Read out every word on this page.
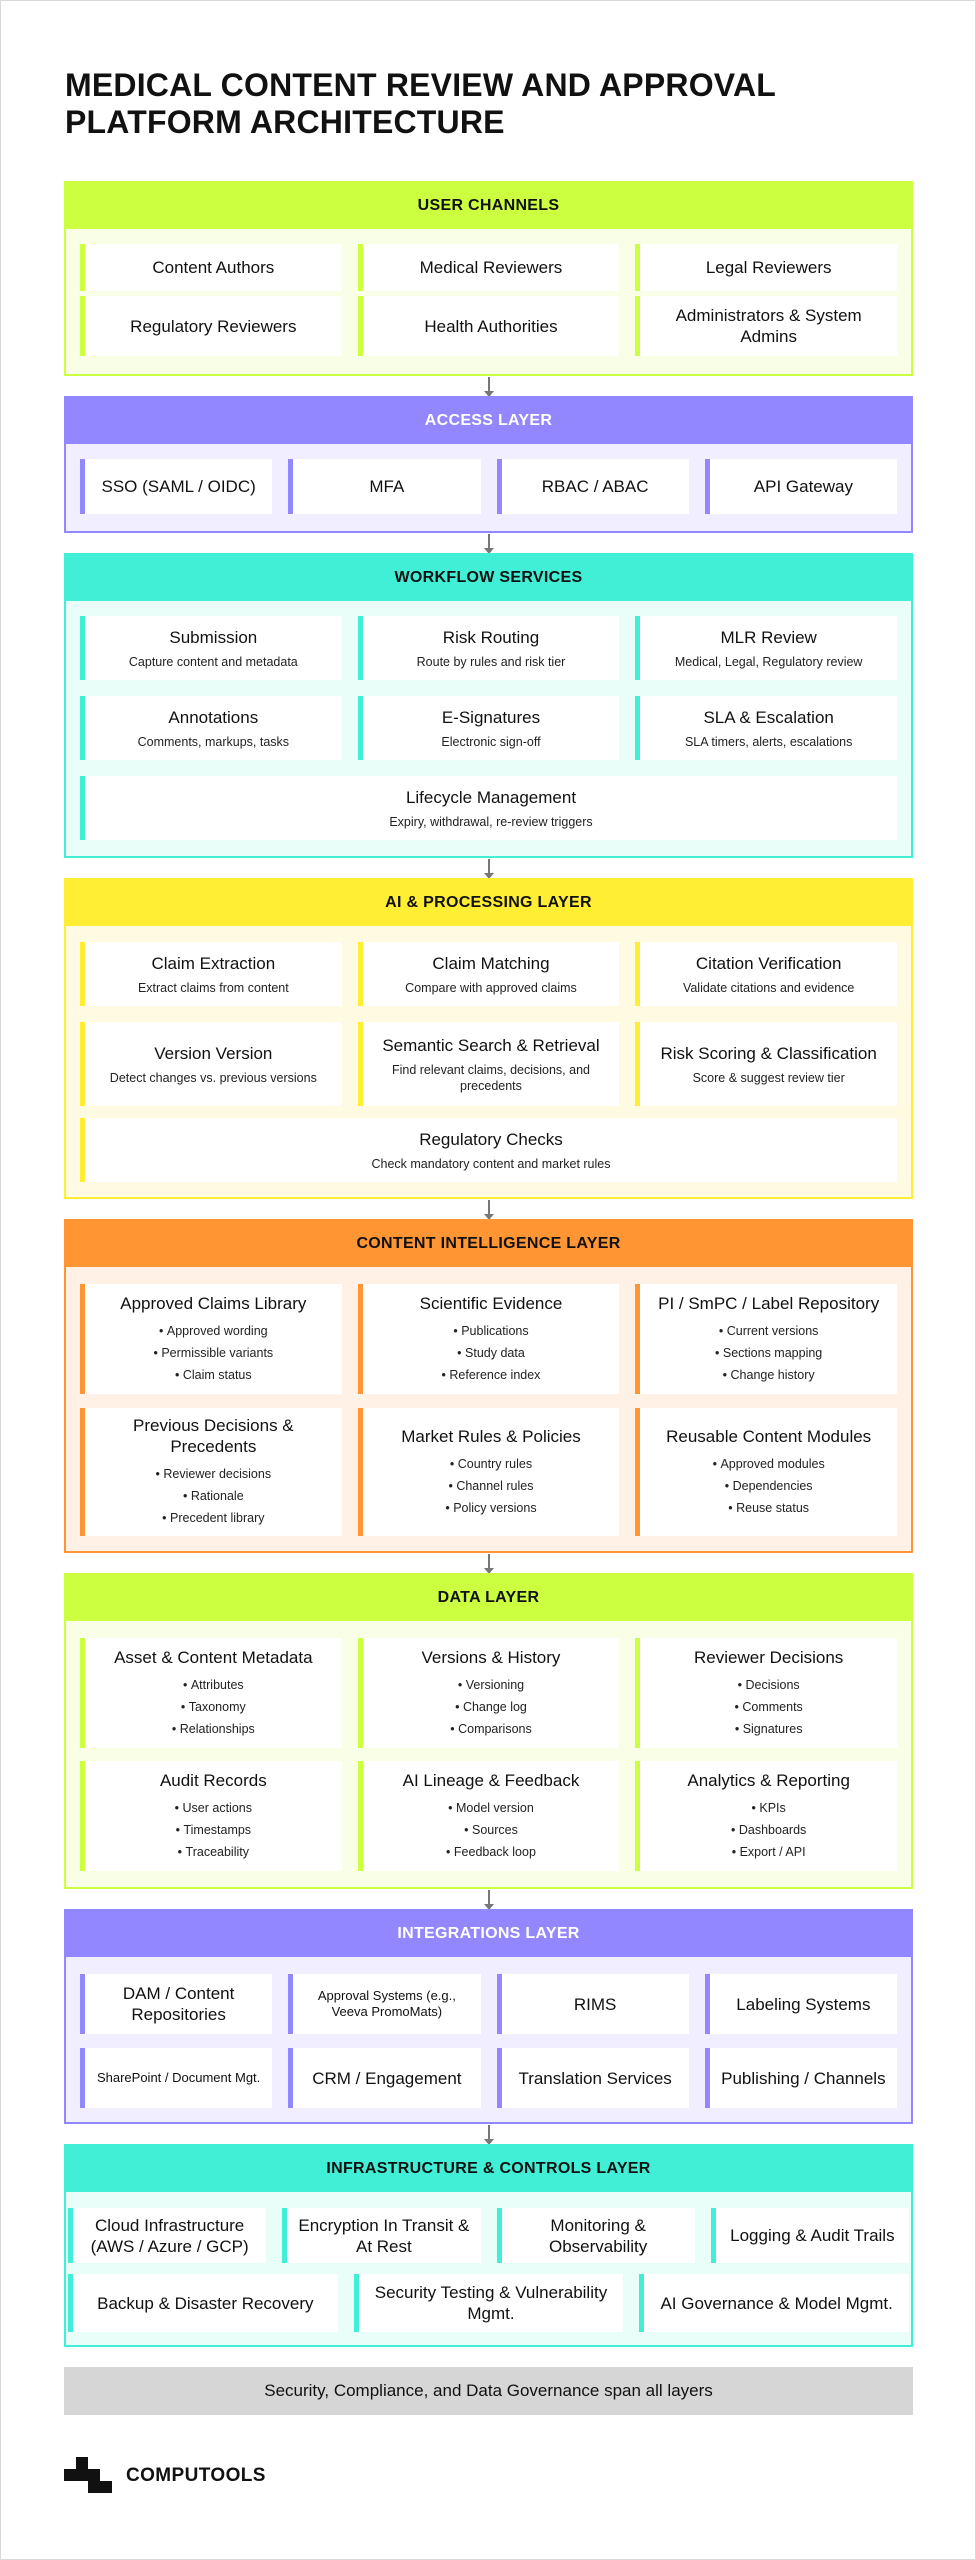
MEDICAL CONTENT REVIEW AND APPROVAL PLATFORM ARCHITECTURE
USER CHANNELS
Content Authors	Medical Reviewers	Legal Reviewers
Regulatory Reviewers	Health Authorities
Administrators & System Admins
ACCESS LAYER
SSO (SAML / OIDC)	MFA	RBAC / ABAC	API Gateway
WORKFLOW SERVICES
Submission
Capture content and metadata
Risk Routing
Route by rules and risk tier
MLR Review
Medical, Legal, Regulatory review
Annotations
Comments, markups, tasks
E-Signatures
Electronic sign-off
SLA & Escalation
SLA timers, alerts, escalations
Lifecycle Management
Expiry, withdrawal, re-review triggers
AI & PROCESSING LAYER
Claim Extraction
Extract claims from content
Claim Matching
Compare with approved claims
Citation Verification
Validate citations and evidence
Version Version
Detect changes vs. previous versions
Semantic Search & Retrieval
Find relevant claims, decisions, and precedents
Risk Scoring & Classification
Score & suggest review tier
Regulatory Checks
Check mandatory content and market rules
CONTENT INTELLIGENCE LAYER
Approved Claims Library
• Approved wording
• Permissible variants
• Claim status
Scientific Evidence
• Publications
• Study data
• Reference index
PI / SmPC / Label Repository
• Current versions
• Sections mapping
• Change history
Previous Decisions & Precedents
• Reviewer decisions
• Rationale
• Precedent library
Market Rules & Policies
• Country rules
• Channel rules
• Policy versions
Reusable Content Modules
• Approved modules
• Dependencies
• Reuse status
DATA LAYER
Asset & Content Metadata
• Attributes
• Taxonomy
• Relationships
Versions & History
• Versioning
• Change log
• Comparisons
Reviewer Decisions
• Decisions
• Comments
• Signatures
Audit Records
• User actions
• Timestamps
• Traceability
AI Lineage & Feedback
• Model version
• Sources
• Feedback loop
Analytics & Reporting
• KPIs
• Dashboards
• Export / API
INTEGRATIONS LAYER
DAM / Content Repositories
Approval Systems (e.g., Veeva PromoMats)	RIMS	Labeling Systems
SharePoint / Document Mgt.	CRM / Engagement	Translation Services	Publishing / Channels
INFRASTRUCTURE & CONTROLS LAYER
Cloud Infrastructure (AWS / Azure / GCP)
Encryption In Transit & At Rest
Monitoring & Observability
Logging & Audit Trails
Backup & Disaster Recovery
Security Testing & Vulnerability Mgmt.
AI Governance & Model Mgmt.
Security, Compliance, and Data Governance span all layers
COMPUTOOLS
